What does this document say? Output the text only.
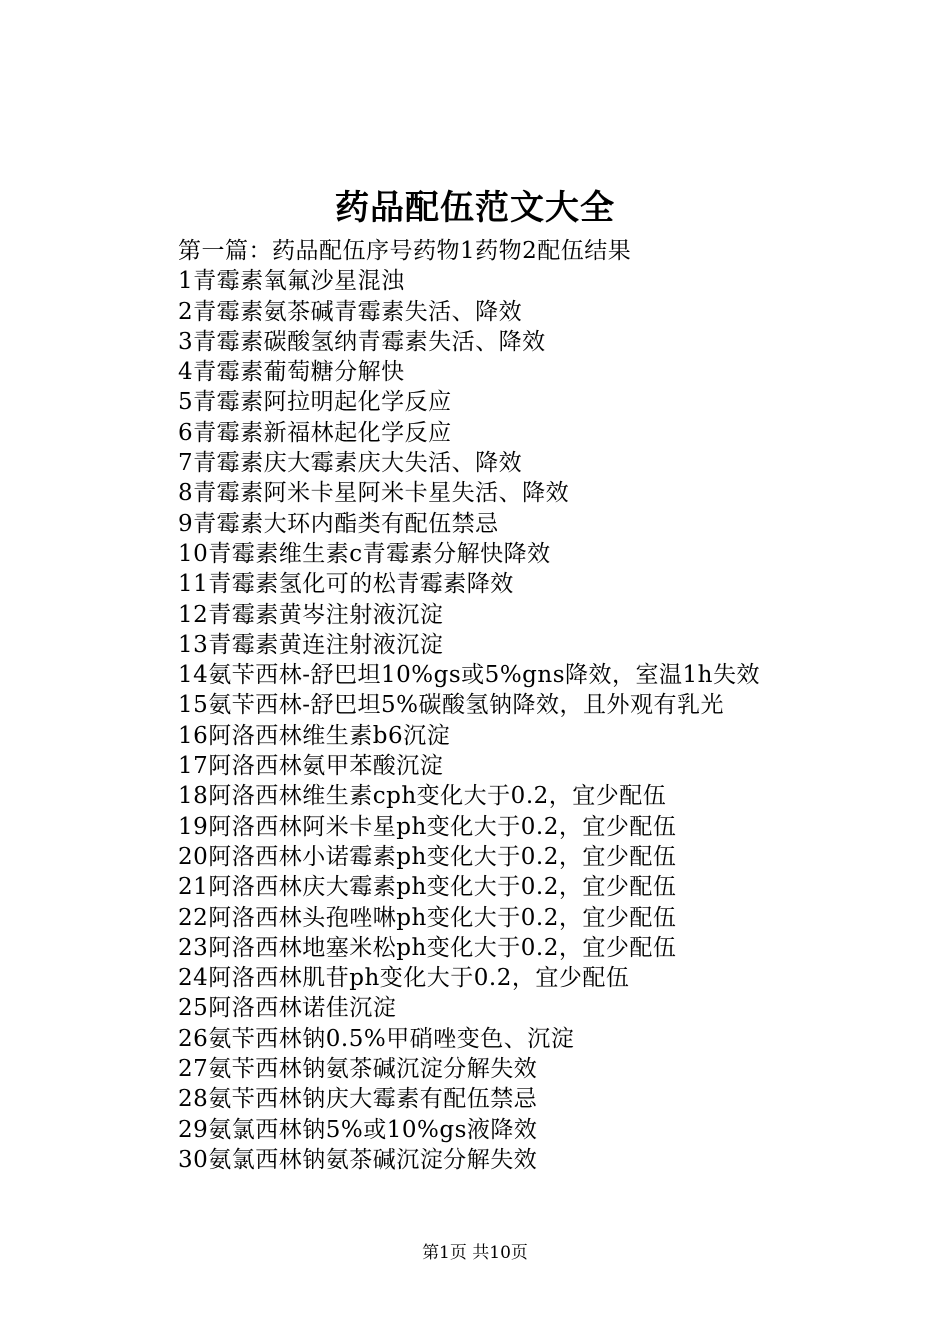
药品配伍范文大全
第一篇：药品配伍序号药物1药物2配伍结果
1青霉素氧氟沙星混浊
2青霉素氨茶碱青霉素失活、降效
3青霉素碳酸氢纳青霉素失活、降效
4青霉素葡萄糖分解快
5青霉素阿拉明起化学反应
6青霉素新福林起化学反应
7青霉素庆大霉素庆大失活、降效
8青霉素阿米卡星阿米卡星失活、降效
9青霉素大环内酯类有配伍禁忌
10青霉素维生素c青霉素分解快降效
11青霉素氢化可的松青霉素降效
12青霉素黄岑注射液沉淀
13青霉素黄连注射液沉淀
14氨苄西林-舒巴坦10%gs或5%gns降效，室温1h失效
15氨苄西林-舒巴坦5%碳酸氢钠降效，且外观有乳光
16阿洛西林维生素b6沉淀
17阿洛西林氨甲苯酸沉淀
18阿洛西林维生素cph变化大于0.2，宜少配伍
19阿洛西林阿米卡星ph变化大于0.2，宜少配伍
20阿洛西林小诺霉素ph变化大于0.2，宜少配伍
21阿洛西林庆大霉素ph变化大于0.2，宜少配伍
22阿洛西林头孢唑啉ph变化大于0.2，宜少配伍
23阿洛西林地塞米松ph变化大于0.2，宜少配伍
24阿洛西林肌苷ph变化大于0.2，宜少配伍
25阿洛西林诺佳沉淀
26氨苄西林钠0.5%甲硝唑变色、沉淀
27氨苄西林钠氨茶碱沉淀分解失效
28氨苄西林钠庆大霉素有配伍禁忌
29氨氯西林钠5%或10%gs液降效
30氨氯西林钠氨茶碱沉淀分解失效
第1页 共10页
